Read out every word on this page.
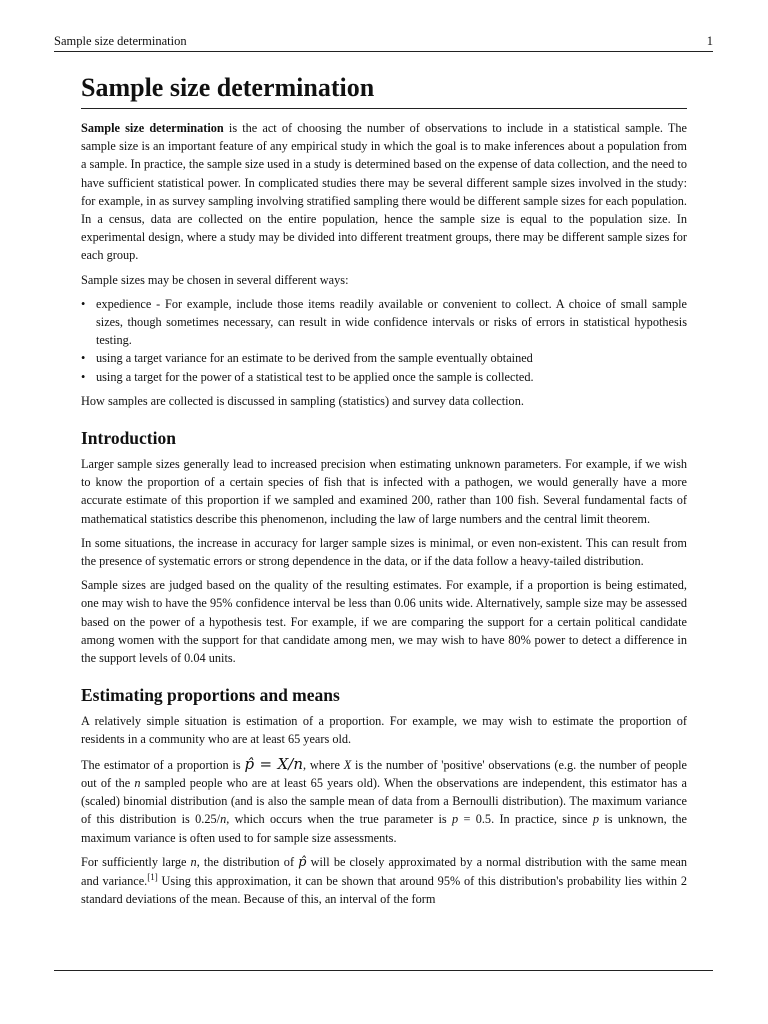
Sample size determination	1
Sample size determination

Sample size determination is the act of choosing the number of observations to include in a statistical sample. The sample size is an important feature of any empirical study in which the goal is to make inferences about a population from a sample. In practice, the sample size used in a study is determined based on the expense of data collection, and the need to have sufficient statistical power. In complicated studies there may be several different sample sizes involved in the study: for example, in as survey sampling involving stratified sampling there would be different sample sizes for each population. In a census, data are collected on the entire population, hence the sample size is equal to the population size. In experimental design, where a study may be divided into different treatment groups, there may be different sample sizes for each group.

Sample sizes may be chosen in several different ways:

• expedience - For example, include those items readily available or convenient to collect. A choice of small sample sizes, though sometimes necessary, can result in wide confidence intervals or risks of errors in statistical hypothesis testing.
• using a target variance for an estimate to be derived from the sample eventually obtained
• using a target for the power of a statistical test to be applied once the sample is collected.

How samples are collected is discussed in sampling (statistics) and survey data collection.

Introduction

Larger sample sizes generally lead to increased precision when estimating unknown parameters. For example, if we wish to know the proportion of a certain species of fish that is infected with a pathogen, we would generally have a more accurate estimate of this proportion if we sampled and examined 200, rather than 100 fish. Several fundamental facts of mathematical statistics describe this phenomenon, including the law of large numbers and the central limit theorem.

In some situations, the increase in accuracy for larger sample sizes is minimal, or even non-existent. This can result from the presence of systematic errors or strong dependence in the data, or if the data follow a heavy-tailed distribution.

Sample sizes are judged based on the quality of the resulting estimates. For example, if a proportion is being estimated, one may wish to have the 95% confidence interval be less than 0.06 units wide. Alternatively, sample size may be assessed based on the power of a hypothesis test. For example, if we are comparing the support for a certain political candidate among women with the support for that candidate among men, we may wish to have 80% power to detect a difference in the support levels of 0.04 units.

Estimating proportions and means

A relatively simple situation is estimation of a proportion. For example, we may wish to estimate the proportion of residents in a community who are at least 65 years old.

The estimator of a proportion is p̂ = X/n, where X is the number of 'positive' observations (e.g. the number of people out of the n sampled people who are at least 65 years old). When the observations are independent, this estimator has a (scaled) binomial distribution (and is also the sample mean of data from a Bernoulli distribution). The maximum variance of this distribution is 0.25/n, which occurs when the true parameter is p = 0.5. In practice, since p is unknown, the maximum variance is often used to for sample size assessments.

For sufficiently large n, the distribution of p̂ will be closely approximated by a normal distribution with the same mean and variance.[1] Using this approximation, it can be shown that around 95% of this distribution's probability lies within 2 standard deviations of the mean. Because of this, an interval of the form
